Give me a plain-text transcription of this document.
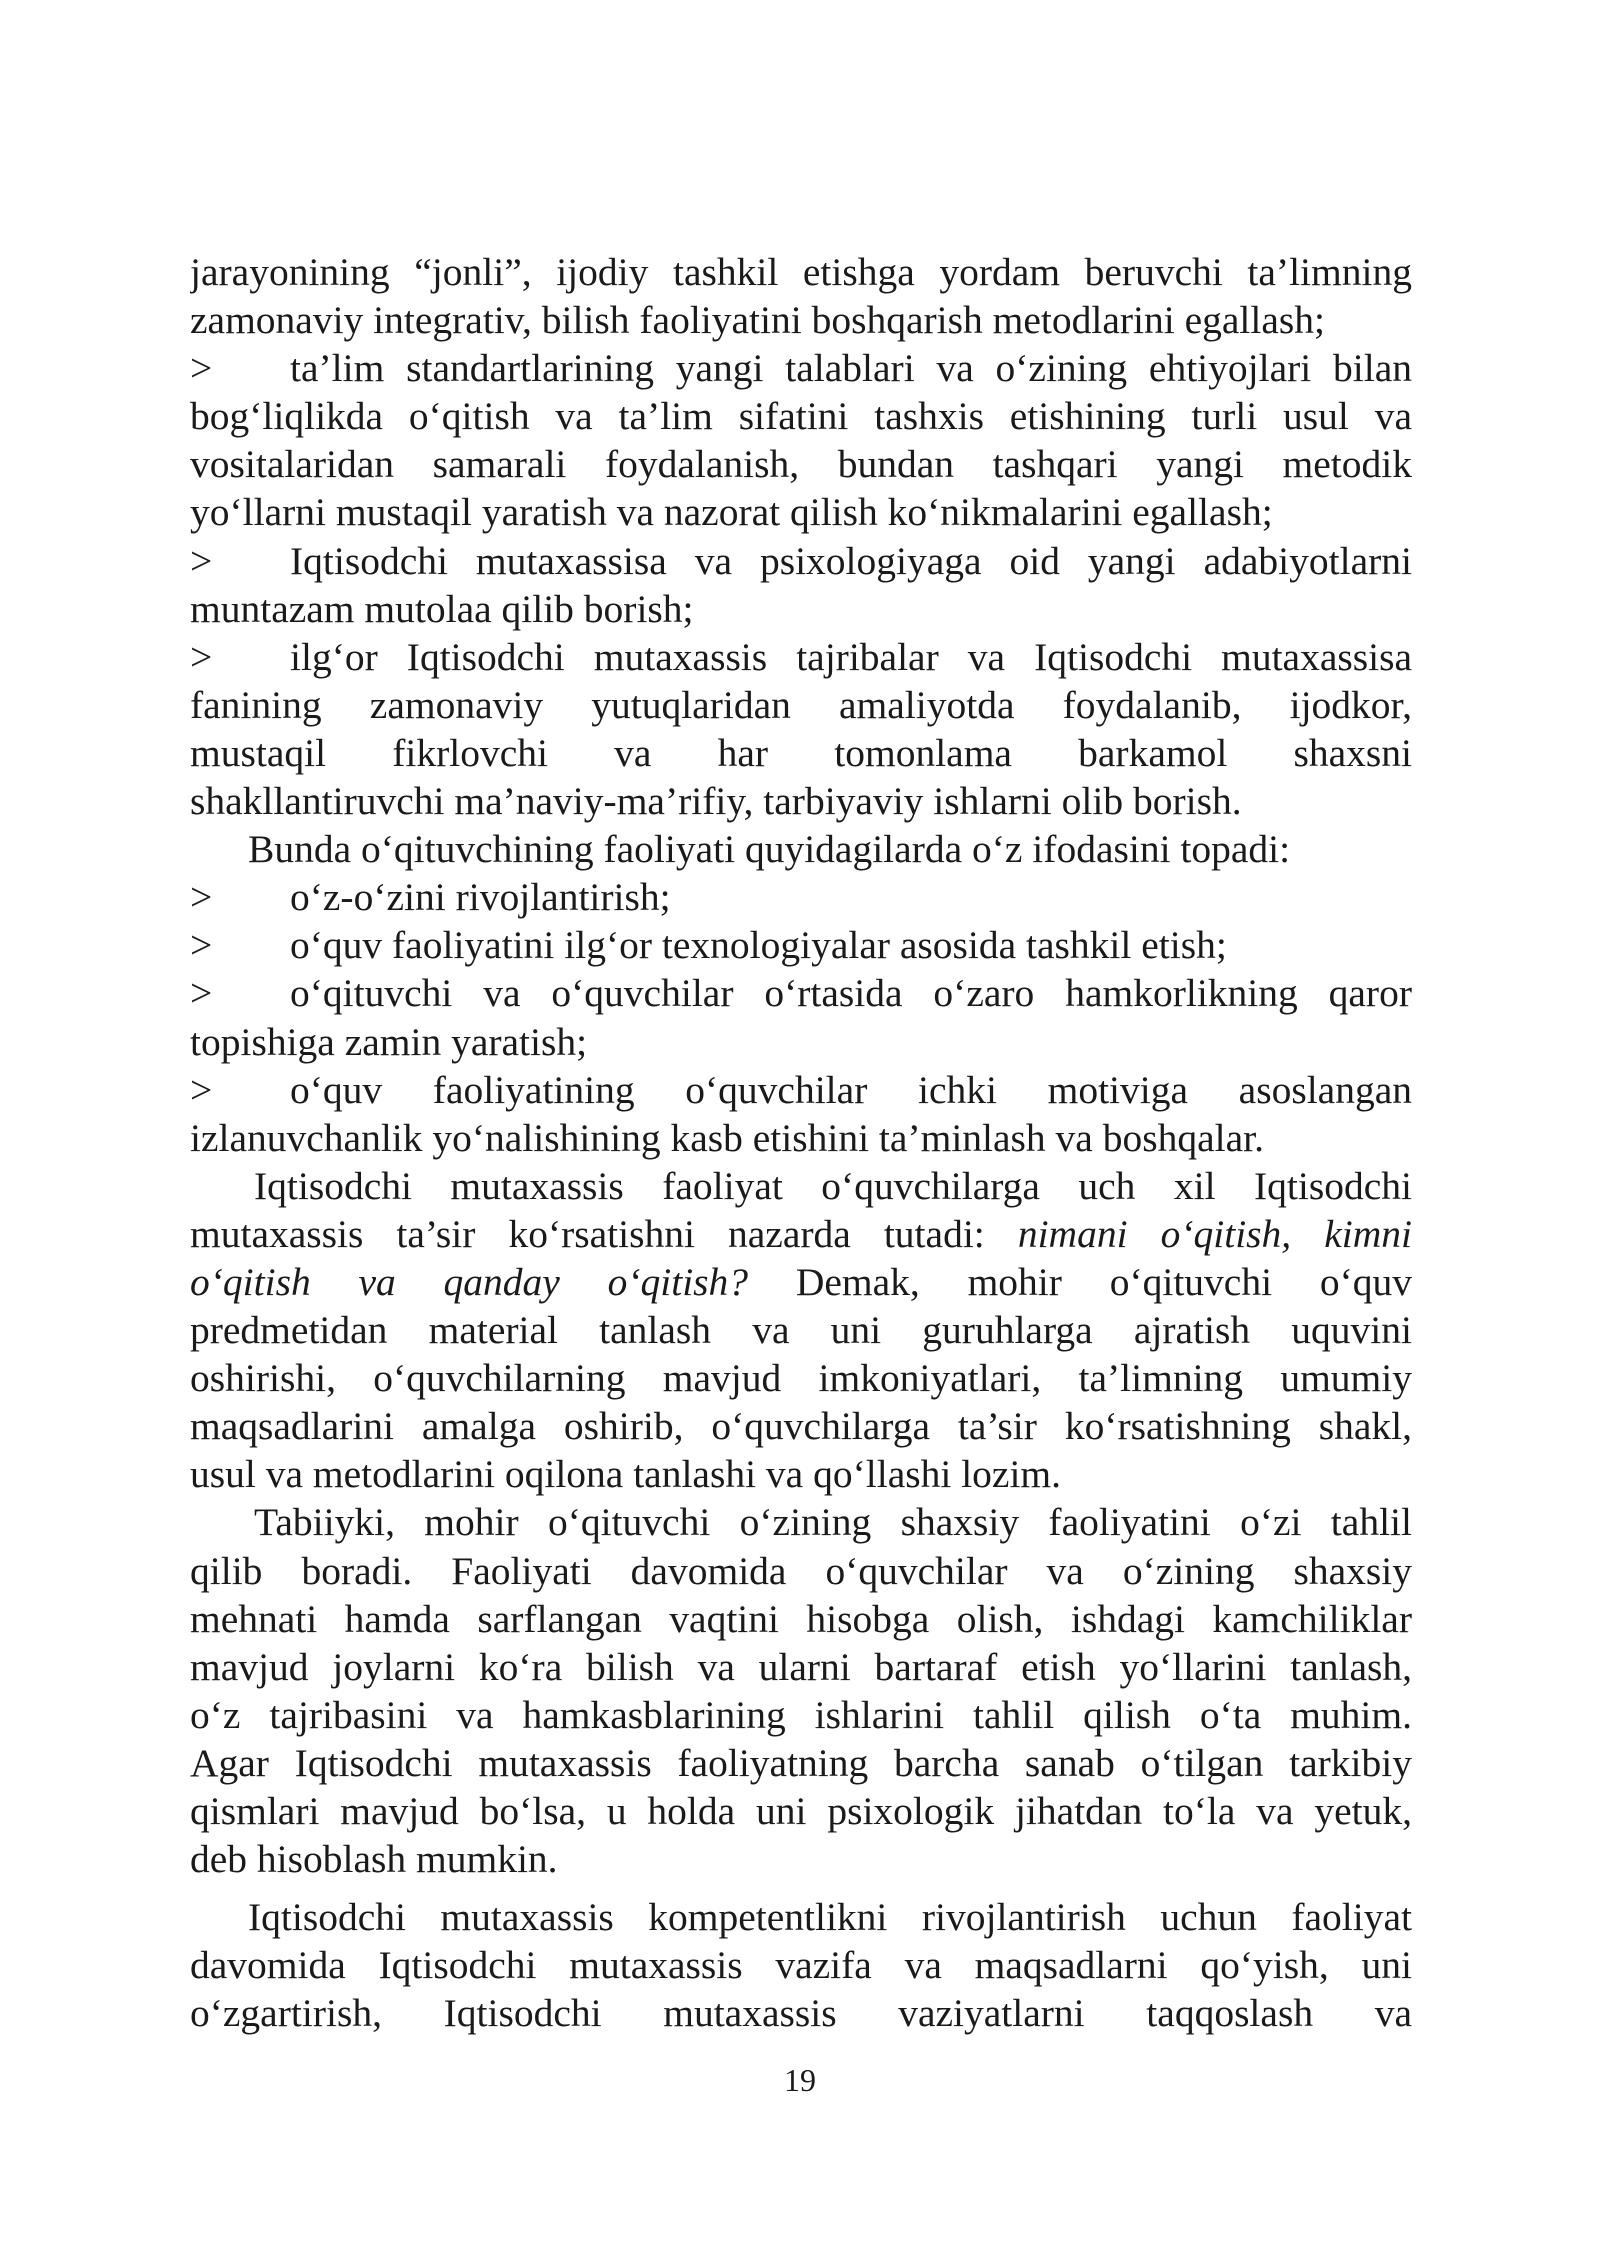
jarayonining “jonli”, ijodiy tashkil etishga yordam beruvchi ta’limning
zamonaviy integrativ, bilish faoliyatini boshqarish metodlarini egallash;
>	ta’lim standartlarining yangi talablari va o‘zining ehtiyojlari bilan
bog‘liqlikda o‘qitish va ta’lim sifatini tashxis etishining turli usul va
vositalaridan samarali foydalanish, bundan tashqari yangi metodik
yo‘llarni mustaqil yaratish va nazorat qilish ko‘nikmalarini egallash;
>	Iqtisodchi mutaxassisa va psixologiyaga oid yangi adabiyotlarni
muntazam mutolaa qilib borish;
>	ilg‘or Iqtisodchi mutaxassis tajribalar va Iqtisodchi mutaxassisa
fanining zamonaviy yutuqlaridan amaliyotda foydalanib, ijodkor,
mustaqil fikrlovchi va har tomonlama barkamol shaxsni
shakllantiruvchi ma’naviy-ma’rifiy, tarbiyaviy ishlarni olib borish.
Bunda o‘qituvchining faoliyati quyidagilarda o‘z ifodasini topadi:
>	o‘z-o‘zini rivojlantirish;
>	o‘quv faoliyatini ilg‘or texnologiyalar asosida tashkil etish;
>	o‘qituvchi va o‘quvchilar o‘rtasida o‘zaro hamkorlikning qaror
topishiga zamin yaratish;
>	o‘quv faoliyatining o‘quvchilar ichki motiviga asoslangan
izlanuvchanlik yo‘nalishining kasb etishini ta’minlash va boshqalar.
Iqtisodchi mutaxassis faoliyat o‘quvchilarga uch xil Iqtisodchi
mutaxassis ta’sir ko‘rsatishni nazarda tutadi: nimani o‘qitish, kimni
o‘qitish va qanday o‘qitish? Demak, mohir o‘qituvchi o‘quv
predmetidan material tanlash va uni guruhlarga ajratish uquvini
oshirishi, o‘quvchilarning mavjud imkoniyatlari, ta’limning umumiy
maqsadlarini amalga oshirib, o‘quvchilarga ta’sir ko‘rsatishning shakl,
usul va metodlarini oqilona tanlashi va qo‘llashi lozim.
Tabiiyki, mohir o‘qituvchi o‘zining shaxsiy faoliyatini o‘zi tahlil
qilib boradi. Faoliyati davomida o‘quvchilar va o‘zining shaxsiy
mehnati hamda sarflangan vaqtini hisobga olish, ishdagi kamchiliklar
mavjud joylarni ko‘ra bilish va ularni bartaraf etish yo‘llarini tanlash,
o‘z tajribasini va hamkasblarining ishlarini tahlil qilish o‘ta muhim.
Agar Iqtisodchi mutaxassis faoliyatning barcha sanab o‘tilgan tarkibiy
qismlari mavjud bo‘lsa, u holda uni psixologik jihatdan to‘la va yetuk,
deb hisoblash mumkin.
Iqtisodchi mutaxassis kompetentlikni rivojlantirish uchun faoliyat
davomida Iqtisodchi mutaxassis vazifa va maqsadlarni qo‘yish, uni
o‘zgartirish, Iqtisodchi mutaxassis vaziyatlarni taqqoslash va
19
